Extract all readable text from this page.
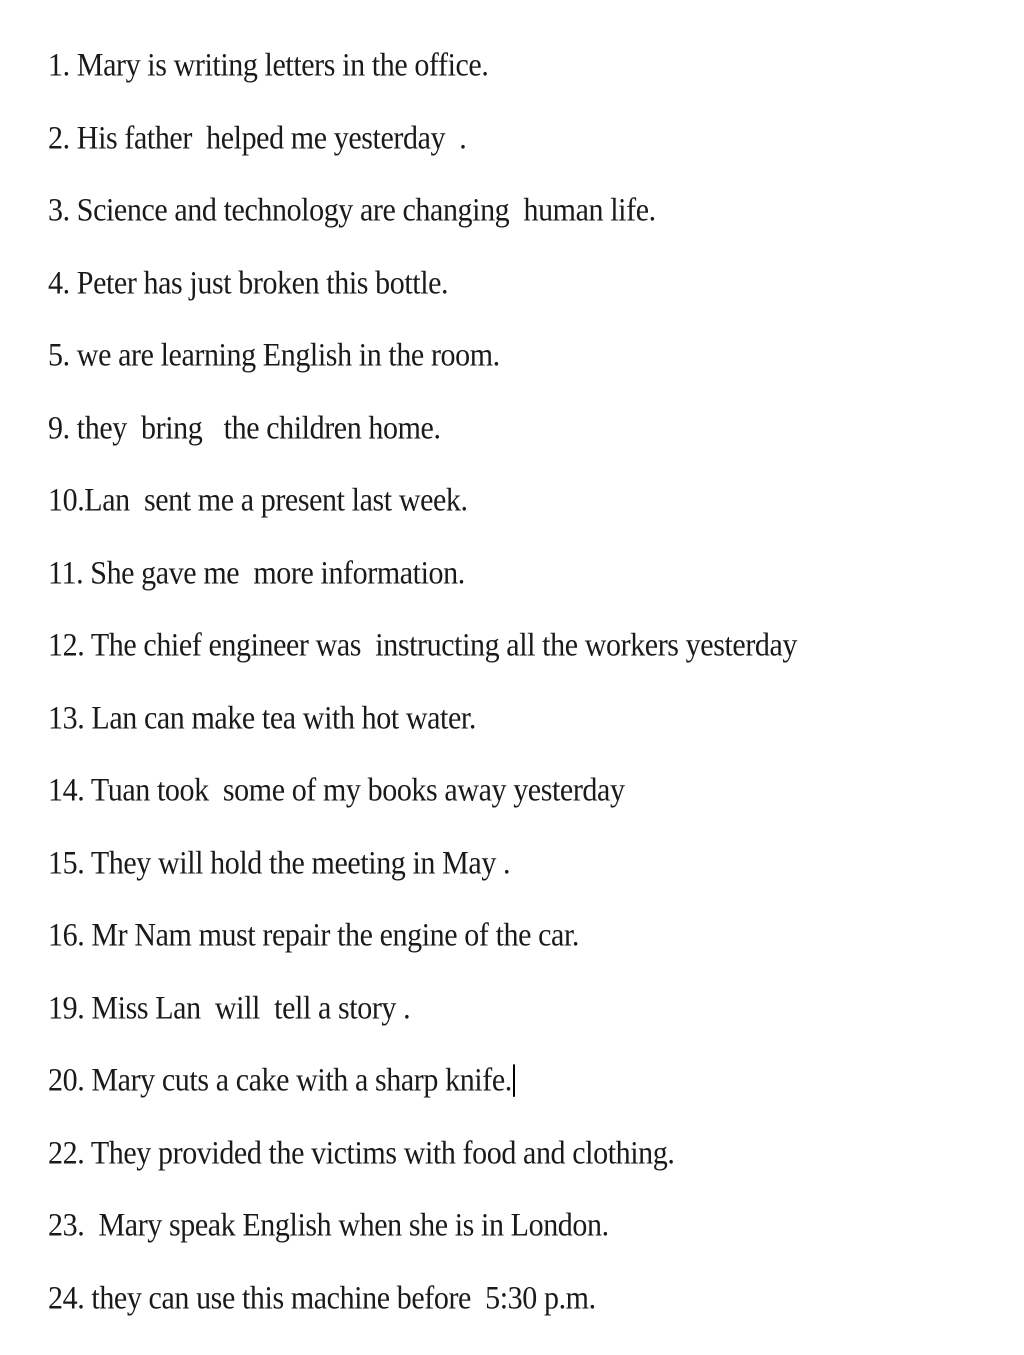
1. Mary is writing letters in the office.
2. His father  helped me yesterday  .
3. Science and technology are changing  human life.
4. Peter has just broken this bottle.
5. we are learning English in the room.
9. they  bring   the children home.
10.Lan  sent me a present last week.
11. She gave me  more information.
12. The chief engineer was  instructing all the workers yesterday
13. Lan can make tea with hot water.
14. Tuan took  some of my books away yesterday
15. They will hold the meeting in May .
16. Mr Nam must repair the engine of the car.
19. Miss Lan  will  tell a story .
20. Mary cuts a cake with a sharp knife.
22. They provided the victims with food and clothing.
23.  Mary speak English when she is in London.
24. they can use this machine before  5:30 p.m.
